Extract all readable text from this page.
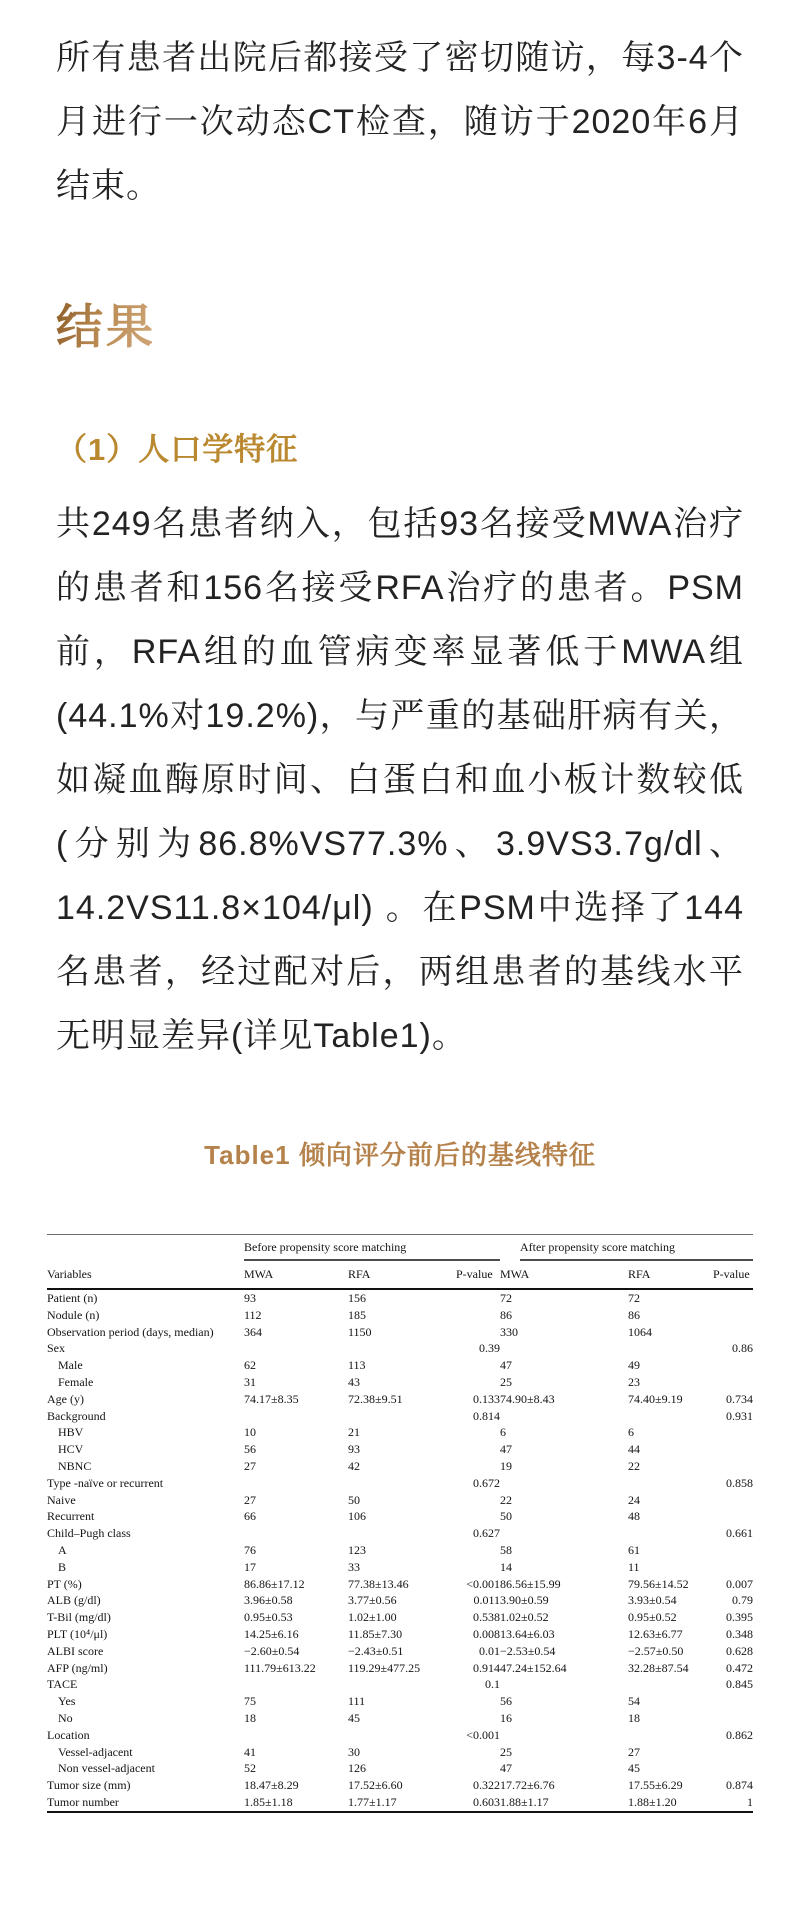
所有患者出院后都接受了密切随访，每3-4个月进行一次动态CT检查，随访于2020年6月结束。

结果
（1）人口学特征

共249名患者纳入，包括93名接受MWA治疗的患者和156名接受RFA治疗的患者。PSM前，RFA组的血管病变率显著低于MWA组(44.1%对19.2%)，与严重的基础肝病有关，如凝血酶原时间、白蛋白和血小板计数较低(分别为86.8%VS77.3%、3.9VS3.7g/dl、14.2VS11.8×104/μl) 。在PSM中选择了144名患者，经过配对后，两组患者的基线水平无明显差异(详见Table1)。

Table1 倾向评分前后的基线特征
Variables	Before propensity score matching			After propensity score matching		

	MWA	RFA	P-value	MWA	RFA	P-value
Patient (n)	93	156		72	72	
Nodule (n)	112	185		86	86	
Observation period (days, median)	364	1150		330	1064	
Sex			0.39			0.86
Male	62	113		47	49	
Female	31	43		25	23	
Age (y)	74.17±8.35	72.38±9.51	0.133	74.90±8.43	74.40±9.19	0.734
Background			0.814			0.931
HBV	10	21		6	6	
HCV	56	93		47	44	
NBNC	27	42		19	22	
Type -naïve or recurrent			0.672			0.858
Naive	27	50		22	24	
Recurrent	66	106		50	48	
Child–Pugh class			0.627			0.661
A	76	123		58	61	
B	17	33		14	11	
PT (%)	86.86±17.12	77.38±13.46	<0.001	86.56±15.99	79.56±14.52	0.007
ALB (g/dl)	3.96±0.58	3.77±0.56	0.011	3.90±0.59	3.93±0.54	0.79
T-Bil (mg/dl)	0.95±0.53	1.02±1.00	0.538	1.02±0.52	0.95±0.52	0.395
PLT (10⁴/μl)	14.25±6.16	11.85±7.30	0.008	13.64±6.03	12.63±6.77	0.348
ALBI score	−2.60±0.54	−2.43±0.51	0.01	−2.53±0.54	−2.57±0.50	0.628
AFP (ng/ml)	111.79±613.22	119.29±477.25	0.914	47.24±152.64	32.28±87.54	0.472
TACE			0.1			0.845
Yes	75	111		56	54	
No	18	45		16	18	
Location			<0.001			0.862
Vessel-adjacent	41	30		25	27	
Non vessel-adjacent	52	126		47	45	
Tumor size (mm)	18.47±8.29	17.52±6.60	0.322	17.72±6.76	17.55±6.29	0.874
Tumor number	1.85±1.18	1.77±1.17	0.603	1.88±1.17	1.88±1.20	1
